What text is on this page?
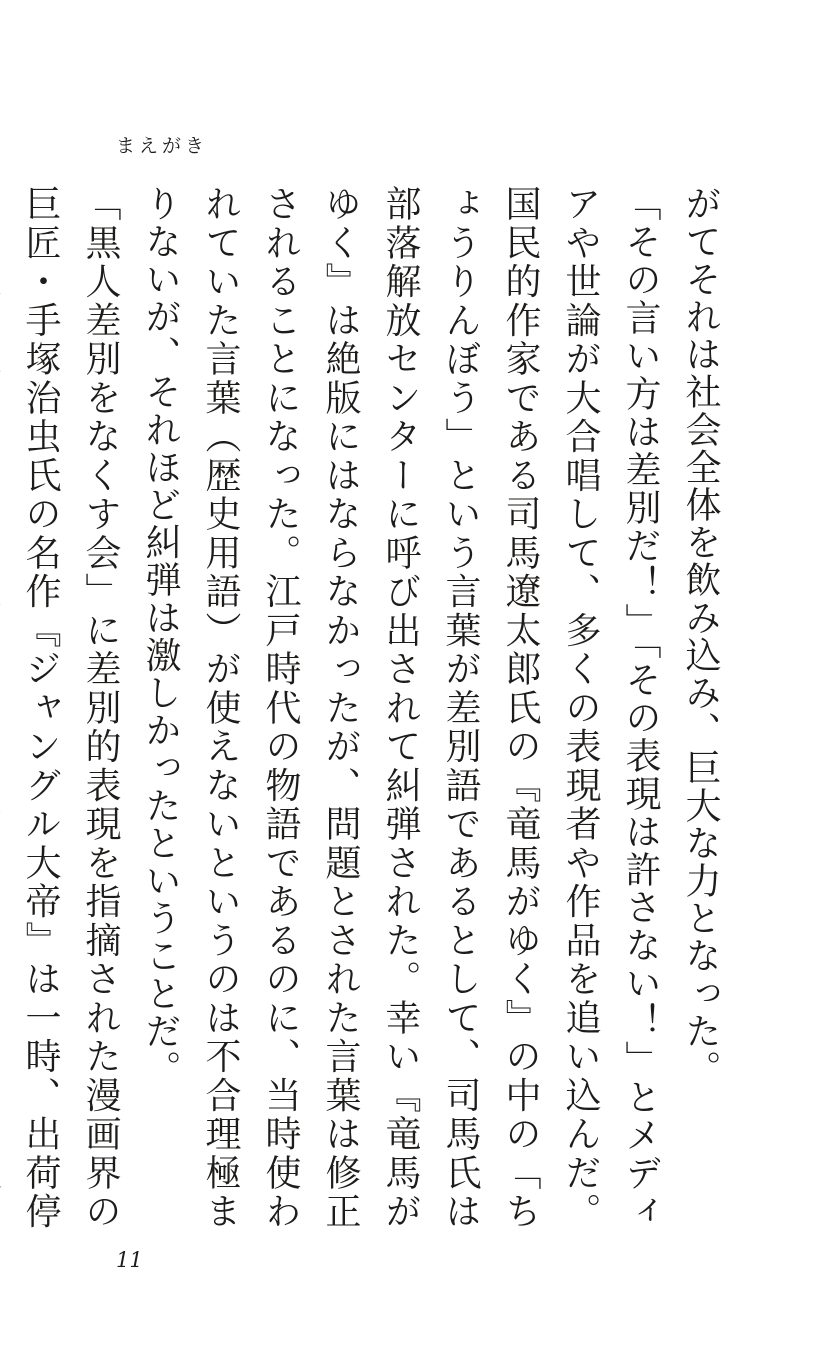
まえがき

がてそれは社会全体を飲み込み、巨大な力となった。

「その言い方は差別だ！」「その表現は許さない！」とメディアや世論が大合唱して、多くの表現者や作品を追い込んだ。国民的作家である司馬遼太郎氏の『竜馬がゆく』の中の「ちょうりんぼう」という言葉が差別語であるとして、司馬氏は部落解放センターに呼び出されて糾弾された。幸い『竜馬がゆく』は絶版にはならなかったが、問題とされた言葉は修正されることになった。江戸時代の物語であるのに、当時使われていた言葉（歴史用語）が使えないというのは不合理極まりないが、それほど糾弾は激しかったということだ。

「黒人差別をなくす会」に差別的表現を指摘された漫画界の巨匠・手塚治虫氏の名作『ジャングル大帝』は一時、出荷停

11
